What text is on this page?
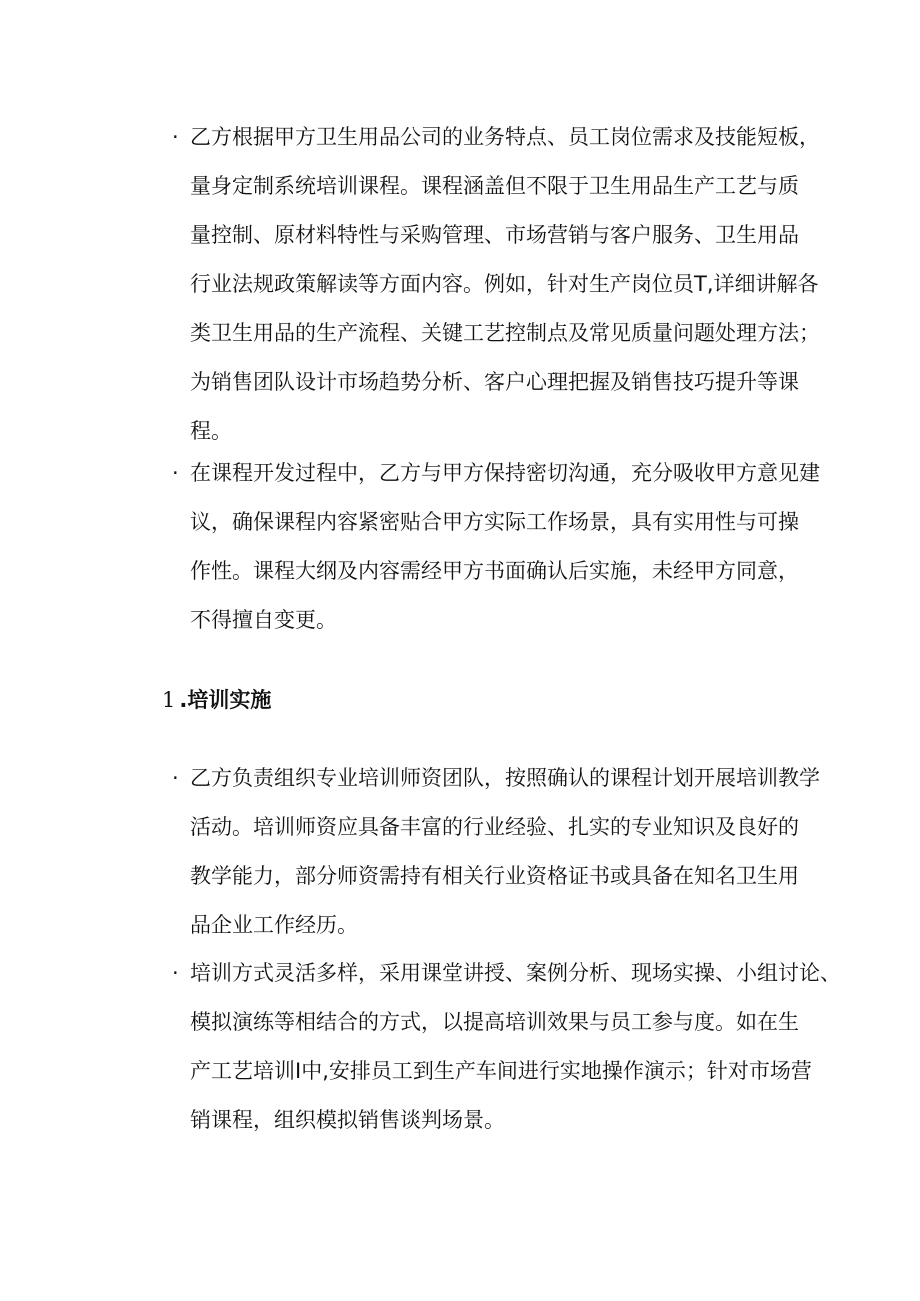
· 乙方根据甲方卫生用品公司的业务特点、员工岗位需求及技能短板，
量身定制系统培训课程。课程涵盖但不限于卫生用品生产工艺与质
量控制、原材料特性与采购管理、市场营销与客户服务、卫生用品
行业法规政策解读等方面内容。例如，针对生产岗位员T,详细讲解各
类卫生用品的生产流程、关键工艺控制点及常见质量问题处理方法；
为销售团队设计市场趋势分析、客户心理把握及销售技巧提升等课
程。
· 在课程开发过程中，乙方与甲方保持密切沟通，充分吸收甲方意见建
议，确保课程内容紧密贴合甲方实际工作场景，具有实用性与可操
作性。课程大纲及内容需经甲方书面确认后实施，未经甲方同意，
不得擅自变更。
1 .培训实施
· 乙方负责组织专业培训师资团队，按照确认的课程计划开展培训教学
活动。培训师资应具备丰富的行业经验、扎实的专业知识及良好的
教学能力，部分师资需持有相关行业资格证书或具备在知名卫生用
品企业工作经历。
· 培训方式灵活多样，采用课堂讲授、案例分析、现场实操、小组讨论、
模拟演练等相结合的方式，以提高培训效果与员工参与度。如在生
产工艺培训I中,安排员工到生产车间进行实地操作演示；针对市场营
销课程，组织模拟销售谈判场景。
